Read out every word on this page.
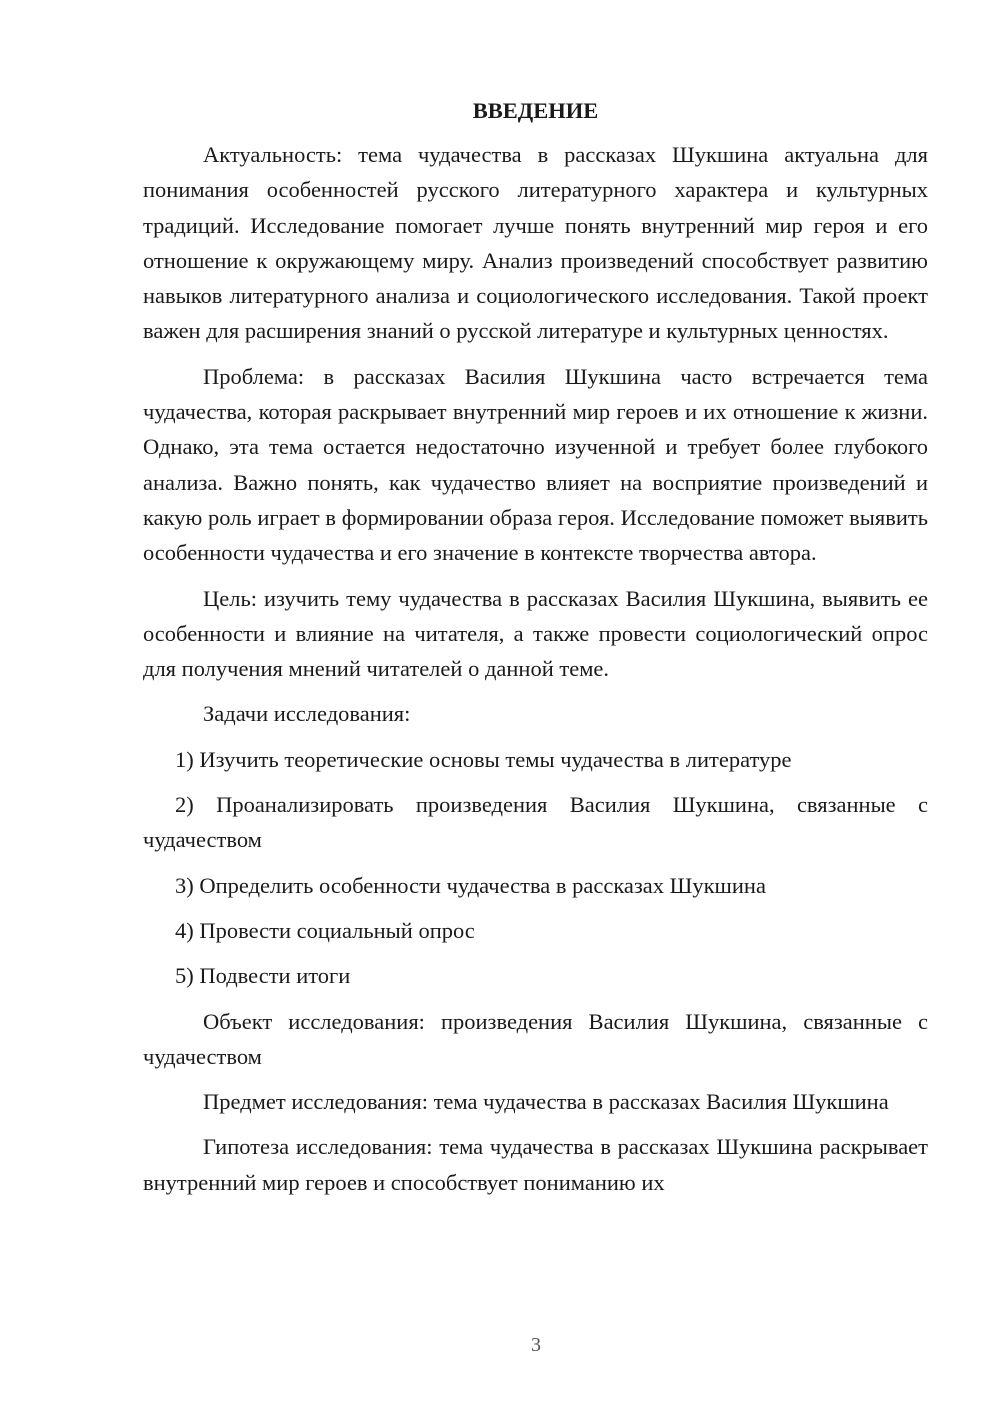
ВВЕДЕНИЕ

Актуальность: тема чудачества в рассказах Шукшина актуальна для понимания особенностей русского литературного характера и культурных традиций. Исследование помогает лучше понять внутренний мир героя и его отношение к окружающему миру. Анализ произведений способствует развитию навыков литературного анализа и социологического исследования. Такой проект важен для расширения знаний о русской литературе и культурных ценностях.

Проблема: в рассказах Василия Шукшина часто встречается тема чудачества, которая раскрывает внутренний мир героев и их отношение к жизни. Однако, эта тема остается недостаточно изученной и требует более глубокого анализа. Важно понять, как чудачество влияет на восприятие произведений и какую роль играет в формировании образа героя. Исследование поможет выявить особенности чудачества и его значение в контексте творчества автора.

Цель: изучить тему чудачества в рассказах Василия Шукшина, выявить ее особенности и влияние на читателя, а также провести социологический опрос для получения мнений читателей о данной теме.

Задачи исследования:

1) Изучить теоретические основы темы чудачества в литературе

2) Проанализировать произведения Василия Шукшина, связанные с чудачеством

3) Определить особенности чудачества в рассказах Шукшина

4) Провести социальный опрос

5) Подвести итоги

Объект исследования: произведения Василия Шукшина, связанные с чудачеством

Предмет исследования: тема чудачества в рассказах Василия Шукшина

Гипотеза исследования: тема чудачества в рассказах Шукшина раскрывает внутренний мир героев и способствует пониманию их

3
